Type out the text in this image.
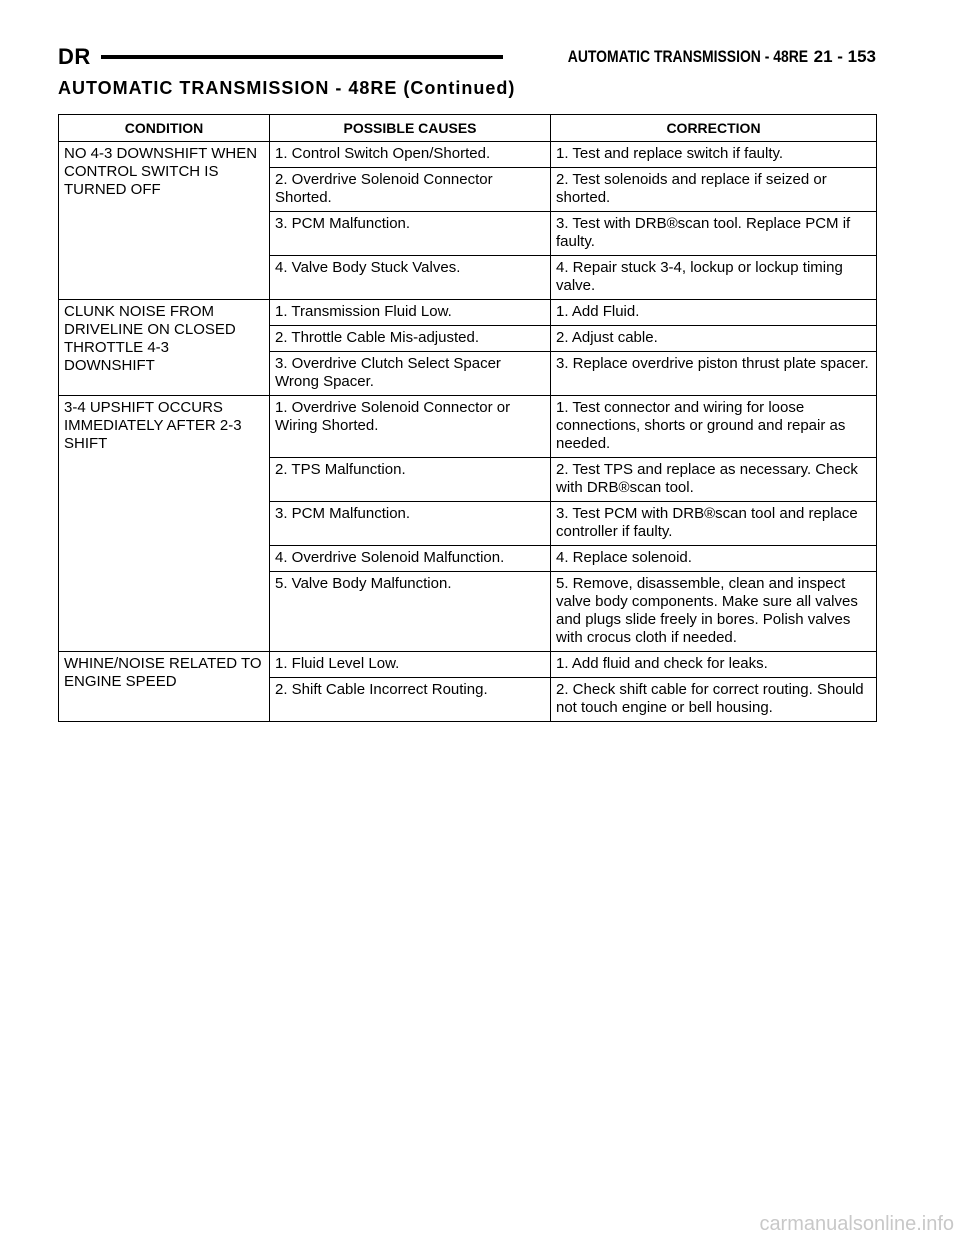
DR	AUTOMATIC TRANSMISSION - 48RE 21 - 153
AUTOMATIC TRANSMISSION - 48RE (Continued)
CONDITION	POSSIBLE CAUSES	CORRECTION
NO 4-3 DOWNSHIFT WHEN CONTROL SWITCH IS TURNED OFF	1. Control Switch Open/Shorted.	1. Test and replace switch if faulty.
	2. Overdrive Solenoid Connector Shorted.	2. Test solenoids and replace if seized or shorted.
	3. PCM Malfunction.	3. Test with DRB®scan tool. Replace PCM if faulty.
	4. Valve Body Stuck Valves.	4. Repair stuck 3-4, lockup or lockup timing valve.
CLUNK NOISE FROM DRIVELINE ON CLOSED THROTTLE 4-3 DOWNSHIFT	1. Transmission Fluid Low.	1. Add Fluid.
	2. Throttle Cable Mis-adjusted.	2. Adjust cable.
	3. Overdrive Clutch Select Spacer Wrong Spacer.	3. Replace overdrive piston thrust plate spacer.
3-4 UPSHIFT OCCURS IMMEDIATELY AFTER 2-3 SHIFT	1. Overdrive Solenoid Connector or Wiring Shorted.	1. Test connector and wiring for loose connections, shorts or ground and repair as needed.
	2. TPS Malfunction.	2. Test TPS and replace as necessary. Check with DRB®scan tool.
	3. PCM Malfunction.	3. Test PCM with DRB®scan tool and replace controller if faulty.
	4. Overdrive Solenoid Malfunction.	4. Replace solenoid.
	5. Valve Body Malfunction.	5. Remove, disassemble, clean and inspect valve body components. Make sure all valves and plugs slide freely in bores. Polish valves with crocus cloth if needed.
WHINE/NOISE RELATED TO ENGINE SPEED	1. Fluid Level Low.	1. Add fluid and check for leaks.
	2. Shift Cable Incorrect Routing.	2. Check shift cable for correct routing. Should not touch engine or bell housing.
carmanualsonline.info
